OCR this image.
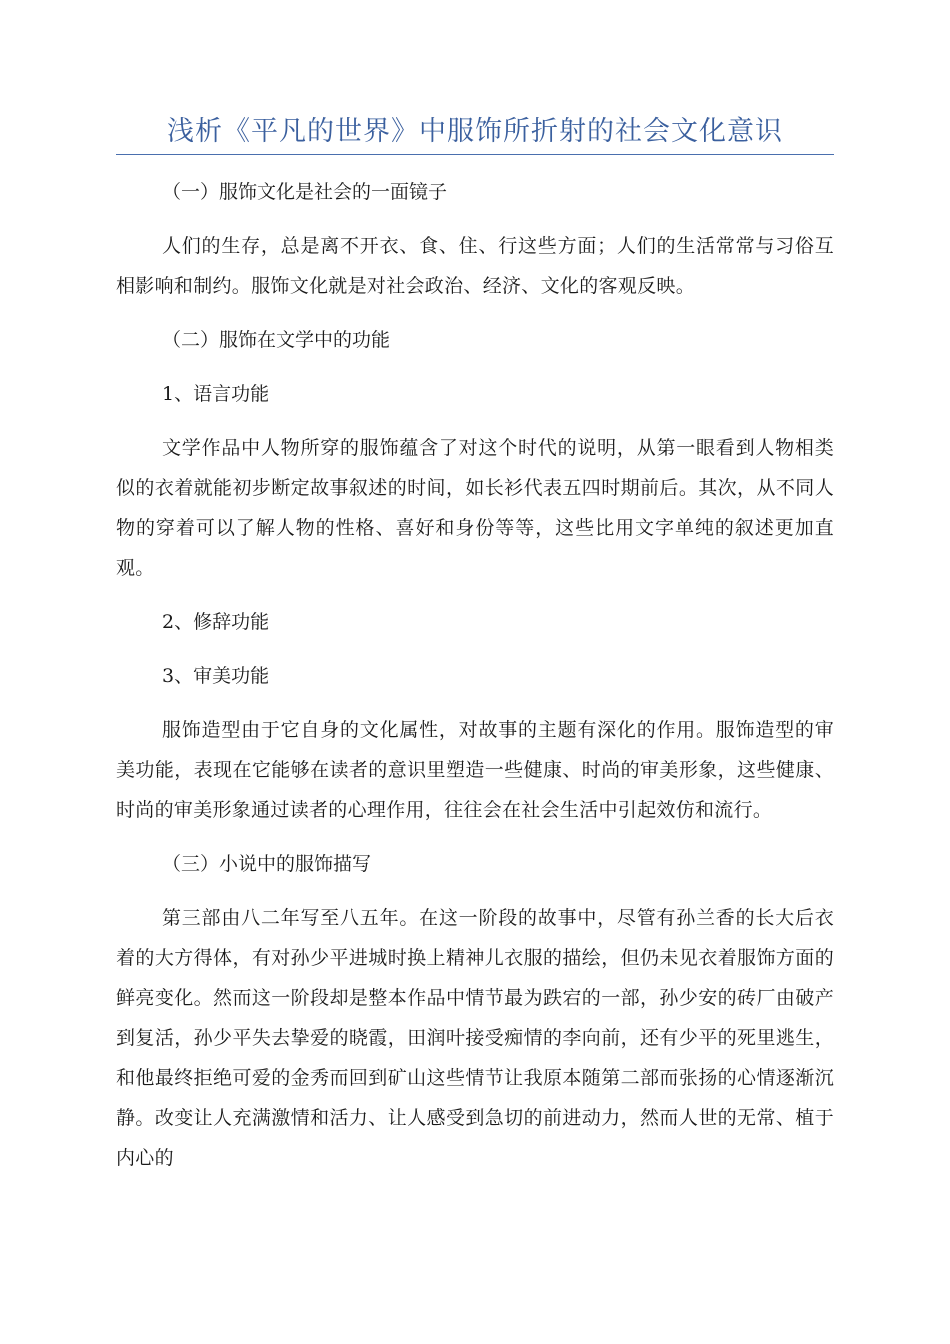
浅析《平凡的世界》中服饰所折射的社会文化意识
（一）服饰文化是社会的一面镜子
人们的生存，总是离不开衣、食、住、行这些方面；人们的生活常常与习俗互相影响和制约。服饰文化就是对社会政治、经济、文化的客观反映。
（二）服饰在文学中的功能
1、语言功能
文学作品中人物所穿的服饰蕴含了对这个时代的说明，从第一眼看到人物相类似的衣着就能初步断定故事叙述的时间，如长衫代表五四时期前后。其次，从不同人物的穿着可以了解人物的性格、喜好和身份等等，这些比用文字单纯的叙述更加直观。
2、修辞功能
3、审美功能
服饰造型由于它自身的文化属性，对故事的主题有深化的作用。服饰造型的审美功能，表现在它能够在读者的意识里塑造一些健康、时尚的审美形象，这些健康、时尚的审美形象通过读者的心理作用，往往会在社会生活中引起效仿和流行。
（三）小说中的服饰描写
第三部由八二年写至八五年。在这一阶段的故事中，尽管有孙兰香的长大后衣着的大方得体，有对孙少平进城时换上精神儿衣服的描绘，但仍未见衣着服饰方面的鲜亮变化。然而这一阶段却是整本作品中情节最为跌宕的一部，孙少安的砖厂由破产到复活，孙少平失去挚爱的晓霞，田润叶接受痴情的李向前，还有少平的死里逃生，和他最终拒绝可爱的金秀而回到矿山这些情节让我原本随第二部而张扬的心情逐渐沉静。改变让人充满激情和活力、让人感受到急切的前进动力，然而人世的无常、植于内心的
